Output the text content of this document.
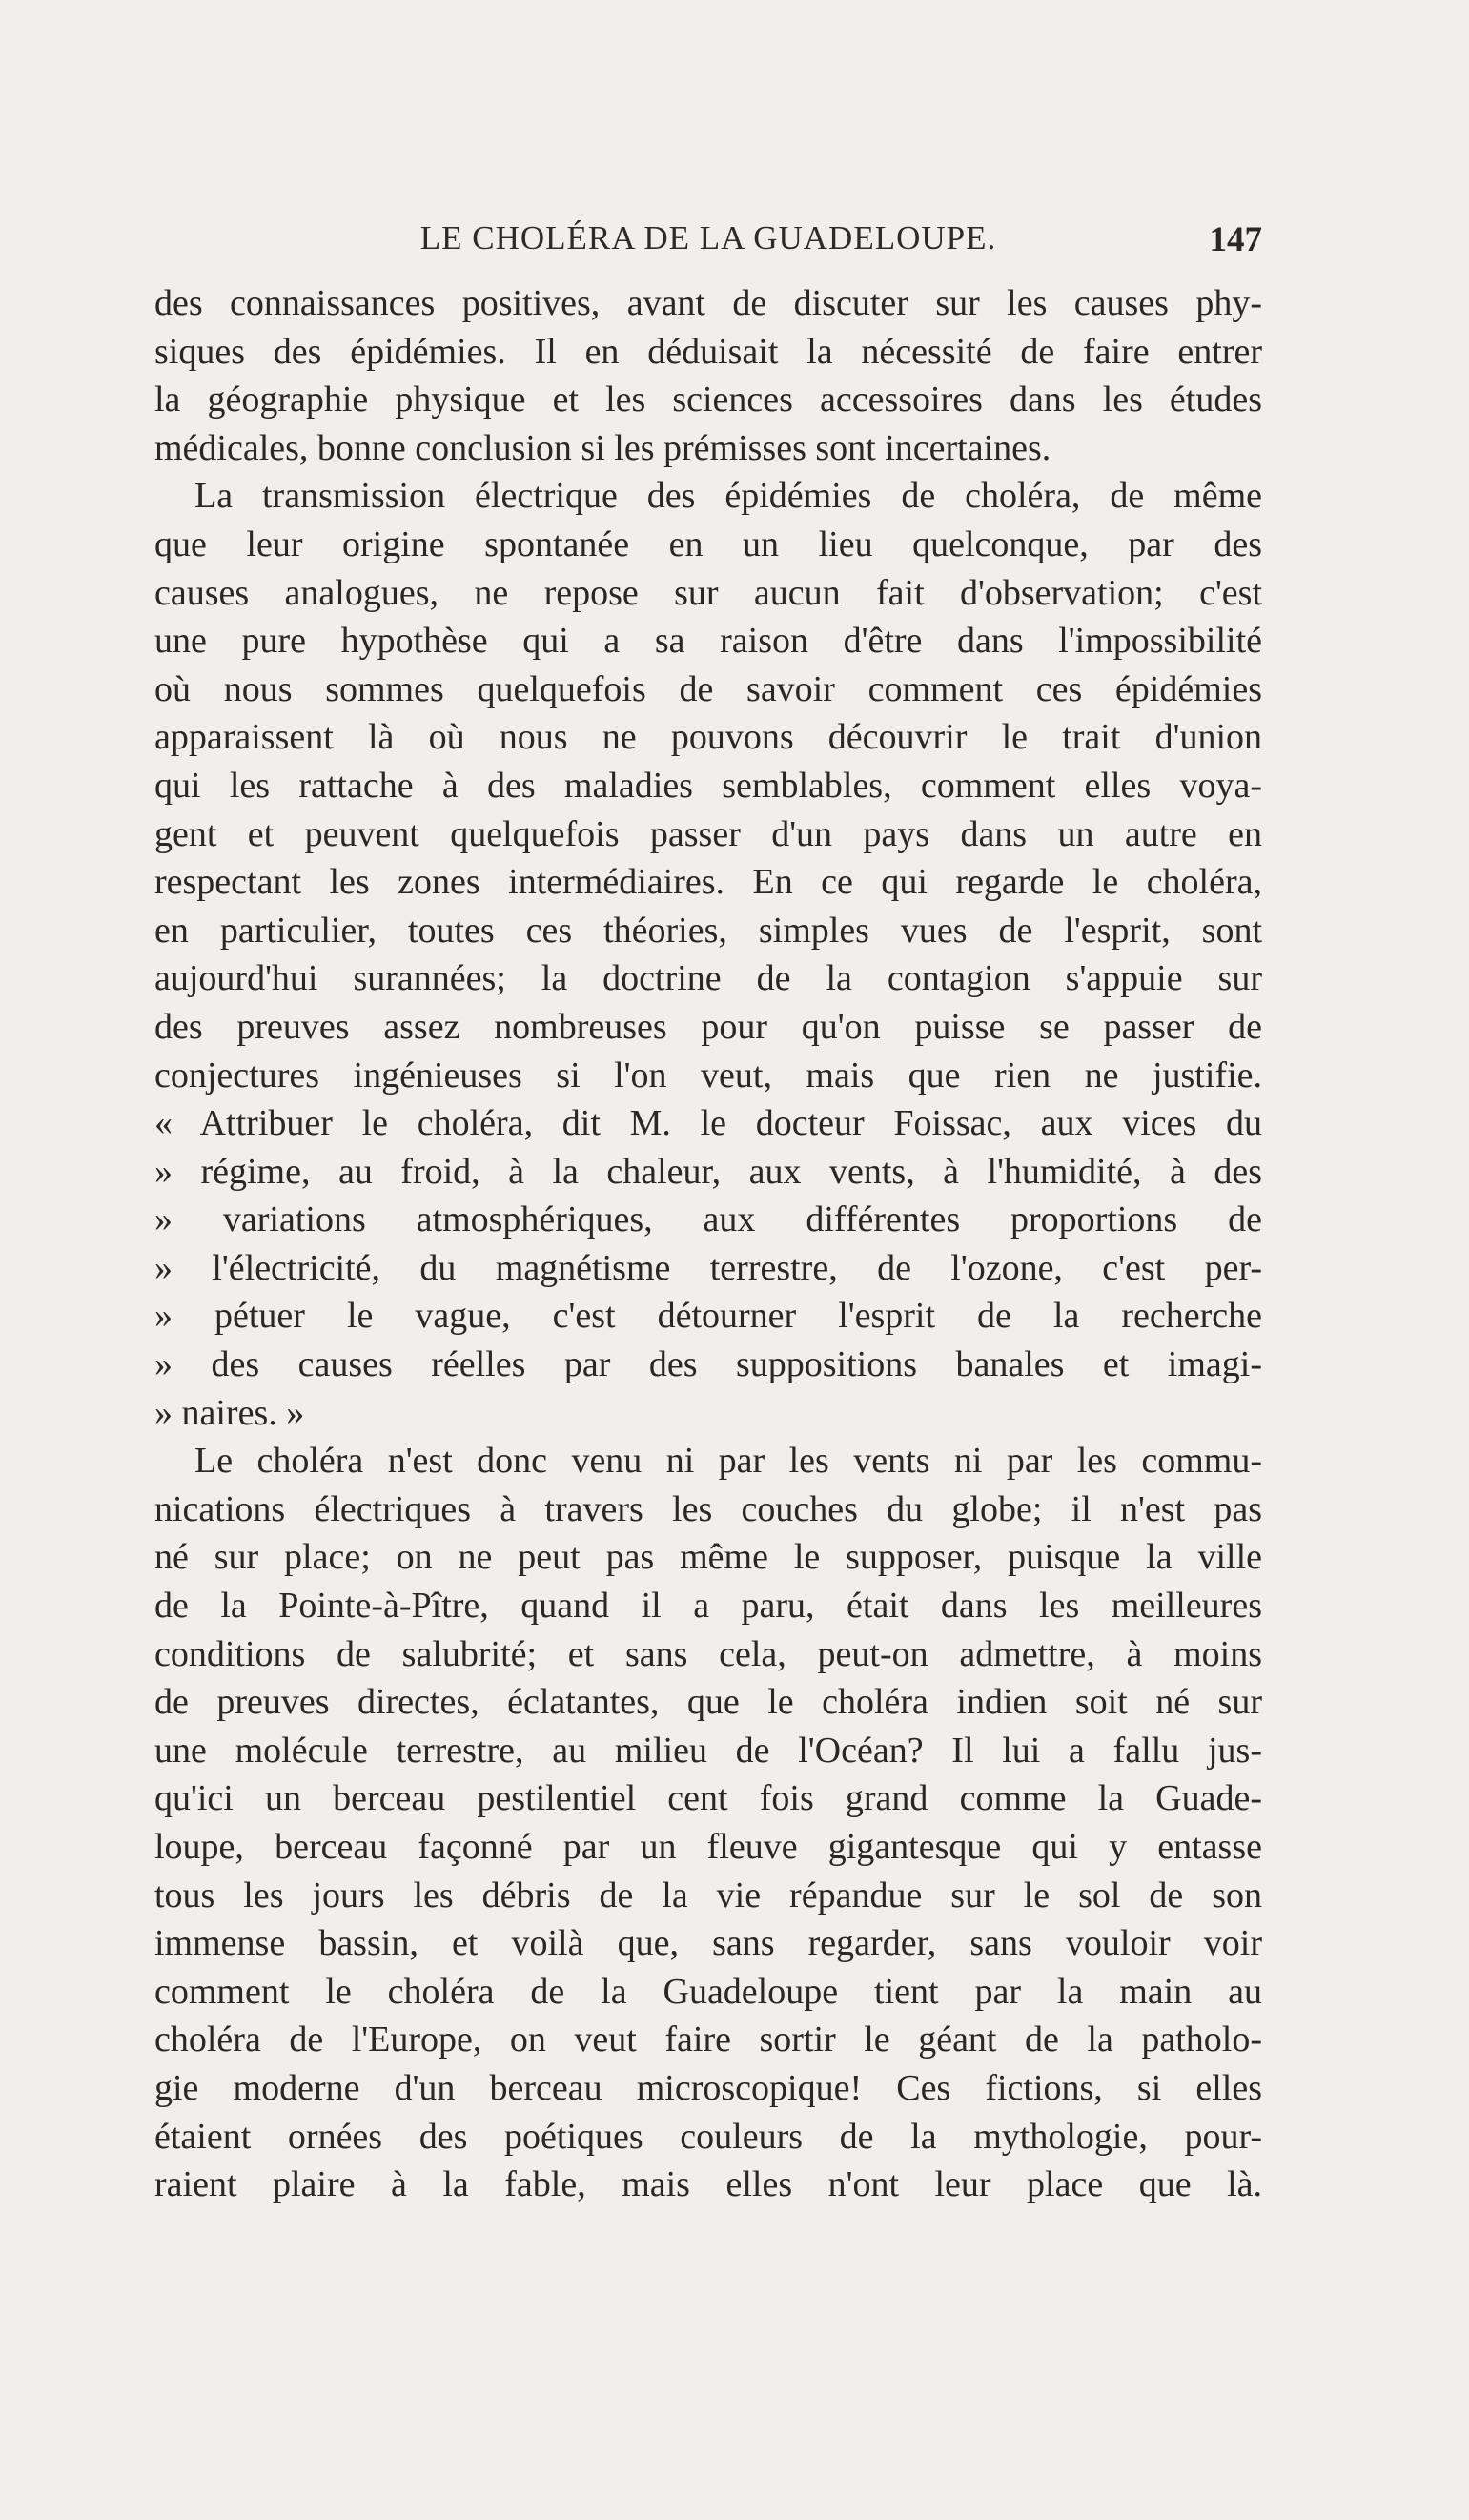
LE CHOLÉRA DE LA GUADELOUPE.	147
des connaissances positives, avant de discuter sur les causes phy-
siques des épidémies. Il en déduisait la nécessité de faire entrer
la géographie physique et les sciences accessoires dans les études
médicales, bonne conclusion si les prémisses sont incertaines.
La transmission électrique des épidémies de choléra, de même
que leur origine spontanée en un lieu quelconque, par des
causes analogues, ne repose sur aucun fait d'observation; c'est
une pure hypothèse qui a sa raison d'être dans l'impossibilité
où nous sommes quelquefois de savoir comment ces épidémies
apparaissent là où nous ne pouvons découvrir le trait d'union
qui les rattache à des maladies semblables, comment elles voya-
gent et peuvent quelquefois passer d'un pays dans un autre en
respectant les zones intermédiaires. En ce qui regarde le choléra,
en particulier, toutes ces théories, simples vues de l'esprit, sont
aujourd'hui surannées; la doctrine de la contagion s'appuie sur
des preuves assez nombreuses pour qu'on puisse se passer de
conjectures ingénieuses si l'on veut, mais que rien ne justifie.
« Attribuer le choléra, dit M. le docteur Foissac, aux vices du
» régime, au froid, à la chaleur, aux vents, à l'humidité, à des
» variations atmosphériques, aux différentes proportions de
» l'électricité, du magnétisme terrestre, de l'ozone, c'est per-
» pétuer le vague, c'est détourner l'esprit de la recherche
» des causes réelles par des suppositions banales et imagi-
» naires. »
Le choléra n'est donc venu ni par les vents ni par les commu-
nications électriques à travers les couches du globe; il n'est pas
né sur place; on ne peut pas même le supposer, puisque la ville
de la Pointe-à-Pître, quand il a paru, était dans les meilleures
conditions de salubrité; et sans cela, peut-on admettre, à moins
de preuves directes, éclatantes, que le choléra indien soit né sur
une molécule terrestre, au milieu de l'Océan? Il lui a fallu jus-
qu'ici un berceau pestilentiel cent fois grand comme la Guade-
loupe, berceau façonné par un fleuve gigantesque qui y entasse
tous les jours les débris de la vie répandue sur le sol de son
immense bassin, et voilà que, sans regarder, sans vouloir voir
comment le choléra de la Guadeloupe tient par la main au
choléra de l'Europe, on veut faire sortir le géant de la patholo-
gie moderne d'un berceau microscopique! Ces fictions, si elles
étaient ornées des poétiques couleurs de la mythologie, pour-
raient plaire à la fable, mais elles n'ont leur place que là.
